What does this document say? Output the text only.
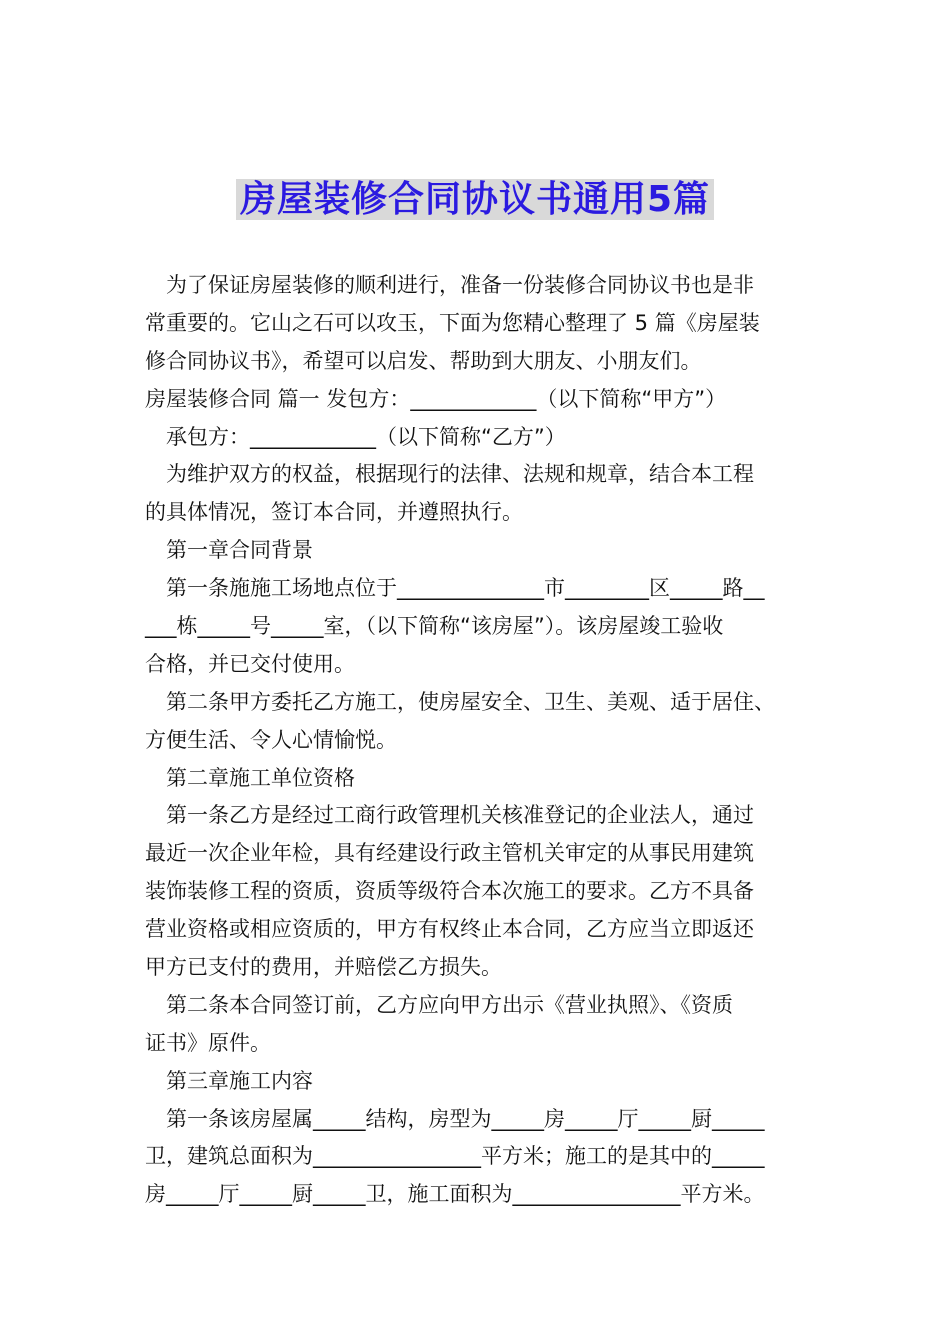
房屋装修合同协议书通用5篇

为了保证房屋装修的顺利进行，准备一份装修合同协议书也是非

常重要的。它山之石可以攻玉，下面为您精心整理了 5 篇《房屋装

修合同协议书》，希望可以启发、帮助到大朋友、小朋友们。

房屋装修合同 篇一 发包方：____________（以下简称“甲方”）

承包方：____________（以下简称“乙方”）

为维护双方的权益，根据现行的法律、法规和规章，结合本工程

的具体情况，签订本合同，并遵照执行。

第一章合同背景

第一条施施工场地点位于______________市________区_____路__

___栋_____号_____室，（以下简称“该房屋”）。该房屋竣工验收

合格，并已交付使用。

第二条甲方委托乙方施工，使房屋安全、卫生、美观、适于居住、

方便生活、令人心情愉悦。

第二章施工单位资格

第一条乙方是经过工商行政管理机关核准登记的企业法人，通过

最近一次企业年检，具有经建设行政主管机关审定的从事民用建筑

装饰装修工程的资质，资质等级符合本次施工的要求。乙方不具备

营业资格或相应资质的，甲方有权终止本合同，乙方应当立即返还

甲方已支付的费用，并赔偿乙方损失。

第二条本合同签订前，乙方应向甲方出示《营业执照》、《资质

证书》原件。

第三章施工内容

第一条该房屋属_____结构，房型为_____房_____厅_____厨_____

卫，建筑总面积为________________平方米；施工的是其中的_____

房_____厅_____厨_____卫，施工面积为________________平方米。
